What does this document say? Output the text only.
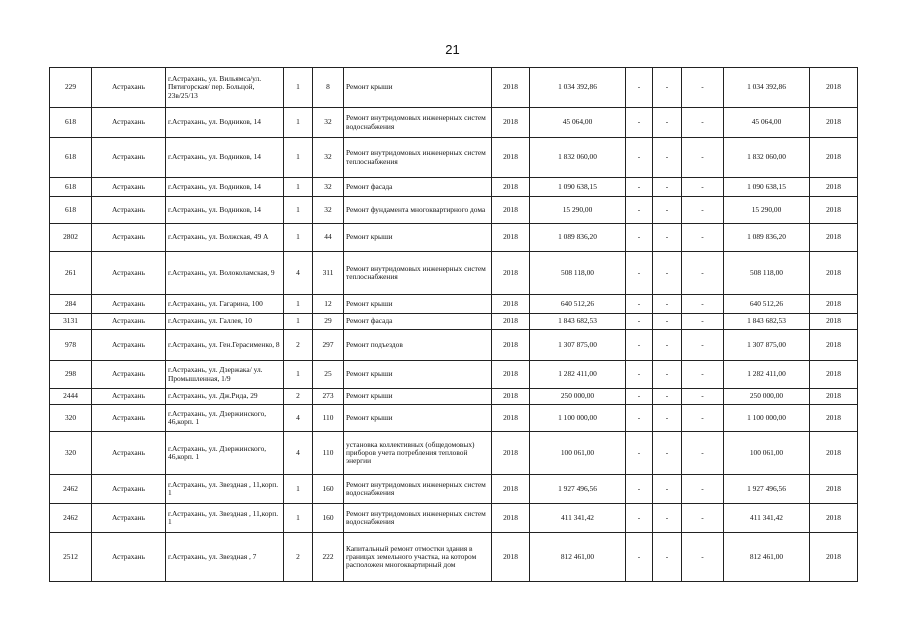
21
229	Астрахань	г.Астрахань, ул. Вильямса/ул. Пятигорская/ пер. Больцой, 23в/25/13	1	8	Ремонт крыши	2018	1 034 392,86	-	-	-	1 034 392,86	2018
618	Астрахань	г.Астрахань, ул. Водников, 14	1	32	Ремонт внутридомовых инженерных систем водоснабжения	2018	45 064,00	-	-	-	45 064,00	2018
618	Астрахань	г.Астрахань, ул. Водников, 14	1	32	Ремонт внутридомовых инженерных систем теплоснабжения	2018	1 832 060,00	-	-	-	1 832 060,00	2018
618	Астрахань	г.Астрахань, ул. Водников, 14	1	32	Ремонт фасада	2018	1 090 638,15	-	-	-	1 090 638,15	2018
618	Астрахань	г.Астрахань, ул. Водников, 14	1	32	Ремонт фундамента многоквартирного дома	2018	15 290,00	-	-	-	15 290,00	2018
2802	Астрахань	г.Астрахань, ул. Волжская, 49 А	1	44	Ремонт крыши	2018	1 089 836,20	-	-	-	1 089 836,20	2018
261	Астрахань	г.Астрахань, ул. Волоколамская, 9	4	311	Ремонт внутридомовых инженерных систем теплоснабжения	2018	508 118,00	-	-	-	508 118,00	2018
284	Астрахань	г.Астрахань, ул. Гагарина, 100	1	12	Ремонт крыши	2018	640 512,26	-	-	-	640 512,26	2018
3131	Астрахань	г.Астрахань, ул. Галлея, 10	1	29	Ремонт фасада	2018	1 843 682,53	-	-	-	1 843 682,53	2018
978	Астрахань	г.Астрахань, ул. Ген.Герасименко, 8	2	297	Ремонт подъездов	2018	1 307 875,00	-	-	-	1 307 875,00	2018
298	Астрахань	г.Астрахань, ул. Дзержака/ ул. Промышленная, 1/9	1	25	Ремонт крыши	2018	1 282 411,00	-	-	-	1 282 411,00	2018
2444	Астрахань	г.Астрахань, ул. Дж.Рида, 29	2	273	Ремонт крыши	2018	250 000,00	-	-	-	250 000,00	2018
320	Астрахань	г.Астрахань, ул. Дзержинского, 46,корп. 1	4	110	Ремонт крыши	2018	1 100 000,00	-	-	-	1 100 000,00	2018
320	Астрахань	г.Астрахань, ул. Дзержинского, 46,корп. 1	4	110	установка коллективных (общедомовых) приборов учета потребления тепловой энергии	2018	100 061,00	-	-	-	100 061,00	2018
2462	Астрахань	г.Астрахань, ул. Звездная , 11,корп. 1	1	160	Ремонт внутридомовых инженерных систем водоснабжения	2018	1 927 496,56	-	-	-	1 927 496,56	2018
2462	Астрахань	г.Астрахань, ул. Звездная , 11,корп. 1	1	160	Ремонт внутридомовых инженерных систем водоснабжения	2018	411 341,42	-	-	-	411 341,42	2018
2512	Астрахань	г.Астрахань, ул. Звездная , 7	2	222	Капитальный ремонт отмостки здания в границах земельного участка, на котором расположен многоквартирный дом	2018	812 461,00	-	-	-	812 461,00	2018
